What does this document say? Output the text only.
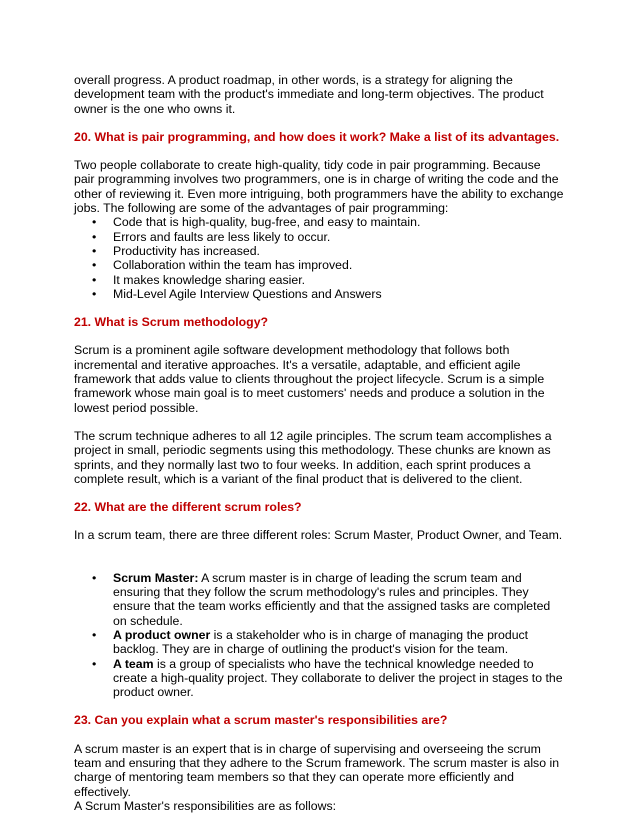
overall progress. A product roadmap, in other words, is a strategy for aligning the development team with the product's immediate and long-term objectives. The product owner is the one who owns it.

20. What is pair programming, and how does it work? Make a list of its advantages.

Two people collaborate to create high-quality, tidy code in pair programming. Because pair programming involves two programmers, one is in charge of writing the code and the other of reviewing it. Even more intriguing, both programmers have the ability to exchange jobs. The following are some of the advantages of pair programming:

• Code that is high-quality, bug-free, and easy to maintain.
• Errors and faults are less likely to occur.
• Productivity has increased.
• Collaboration within the team has improved.
• It makes knowledge sharing easier.
• Mid-Level Agile Interview Questions and Answers

21. What is Scrum methodology?

Scrum is a prominent agile software development methodology that follows both incremental and iterative approaches. It's a versatile, adaptable, and efficient agile framework that adds value to clients throughout the project lifecycle. Scrum is a simple framework whose main goal is to meet customers' needs and produce a solution in the lowest period possible.

The scrum technique adheres to all 12 agile principles. The scrum team accomplishes a project in small, periodic segments using this methodology. These chunks are known as sprints, and they normally last two to four weeks. In addition, each sprint produces a complete result, which is a variant of the final product that is delivered to the client.

22. What are the different scrum roles?

In a scrum team, there are three different roles: Scrum Master, Product Owner, and Team.

• Scrum Master: A scrum master is in charge of leading the scrum team and ensuring that they follow the scrum methodology's rules and principles. They ensure that the team works efficiently and that the assigned tasks are completed on schedule.
• A product owner is a stakeholder who is in charge of managing the product backlog. They are in charge of outlining the product's vision for the team.
• A team is a group of specialists who have the technical knowledge needed to create a high-quality project. They collaborate to deliver the project in stages to the product owner.

23. Can you explain what a scrum master's responsibilities are?

A scrum master is an expert that is in charge of supervising and overseeing the scrum team and ensuring that they adhere to the Scrum framework. The scrum master is also in charge of mentoring team members so that they can operate more efficiently and effectively.

A Scrum Master's responsibilities are as follows:
